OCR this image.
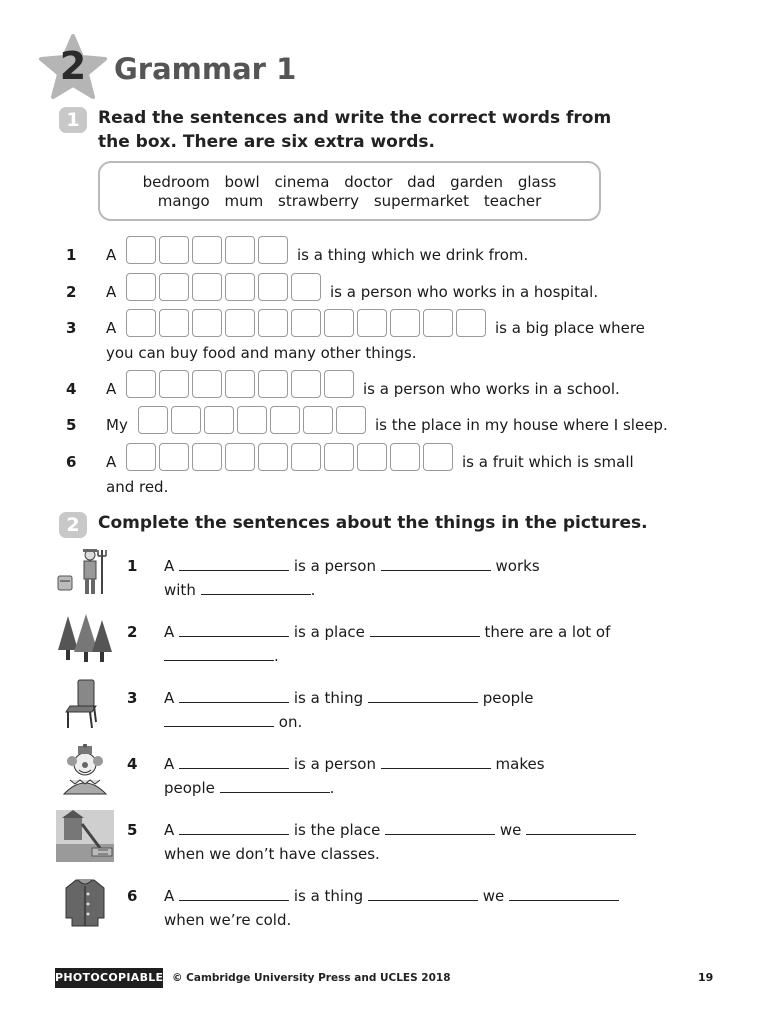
2 Grammar 1
1	Read the sentences and write the correct words from
the box. There are six extra words.
bedroom bowl cinema doctor dad garden glass
mango mum strawberry supermarket teacher
1	A	is a thing which we drink from.
2	A	is a person who works in a hospital.
3	A	is a big place where
you can buy food and many other things.
4	A	is a person who works in a school.
5	My	is the place in my house where I sleep.
6	A	is a fruit which is small
and red.
2	Complete the sentences about the things in the pictures.
1	A	is a person	works
with	.
2	A	is a place	there are a lot of
.
3	A	is a thing	people
on.
4	A	is a person	makes
people	.
5	A	is the place	we
when we don’t have classes.
6	A	is a thing	we
when we’re cold.
PHOTOCOPIABLE © Cambridge University Press and UCLES 2018	19
